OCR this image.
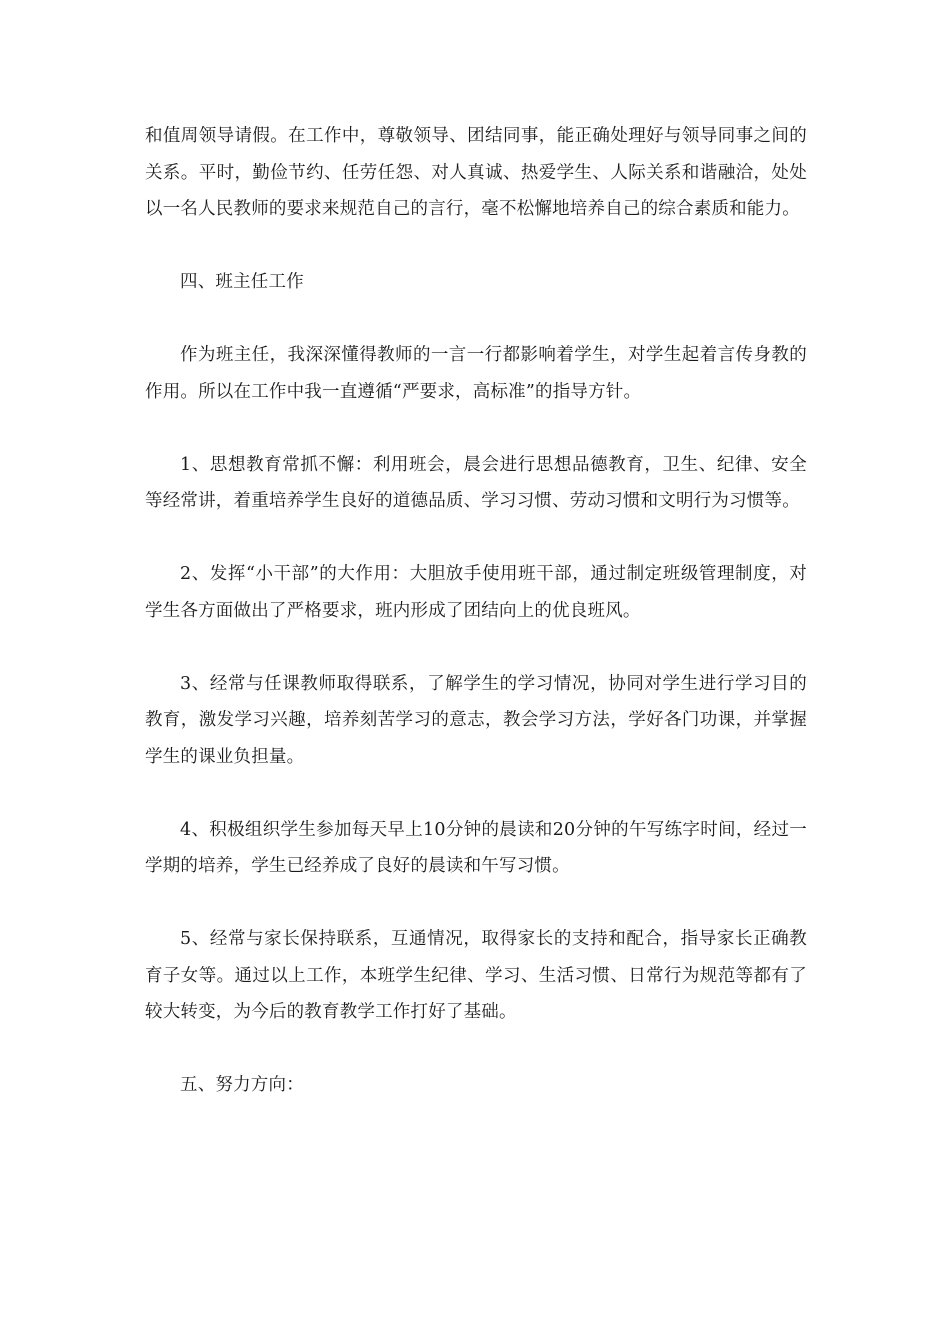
和值周领导请假。在工作中，尊敬领导、团结同事，能正确处理好与领导同事之间的关系。平时，勤俭节约、任劳任怨、对人真诚、热爱学生、人际关系和谐融洽，处处以一名人民教师的要求来规范自己的言行，毫不松懈地培养自己的综合素质和能力。

四、班主任工作

作为班主任，我深深懂得教师的一言一行都影响着学生，对学生起着言传身教的作用。所以在工作中我一直遵循“严要求，高标准”的指导方针。

1、思想教育常抓不懈：利用班会，晨会进行思想品德教育，卫生、纪律、安全等经常讲，着重培养学生良好的道德品质、学习习惯、劳动习惯和文明行为习惯等。

2、发挥“小干部”的大作用：大胆放手使用班干部，通过制定班级管理制度，对学生各方面做出了严格要求，班内形成了团结向上的优良班风。

3、经常与任课教师取得联系，了解学生的学习情况，协同对学生进行学习目的教育，激发学习兴趣，培养刻苦学习的意志，教会学习方法，学好各门功课，并掌握学生的课业负担量。

4、积极组织学生参加每天早上10分钟的晨读和20分钟的午写练字时间，经过一学期的培养，学生已经养成了良好的晨读和午写习惯。

5、经常与家长保持联系，互通情况，取得家长的支持和配合，指导家长正确教育子女等。通过以上工作，本班学生纪律、学习、生活习惯、日常行为规范等都有了较大转变，为今后的教育教学工作打好了基础。

五、努力方向：
